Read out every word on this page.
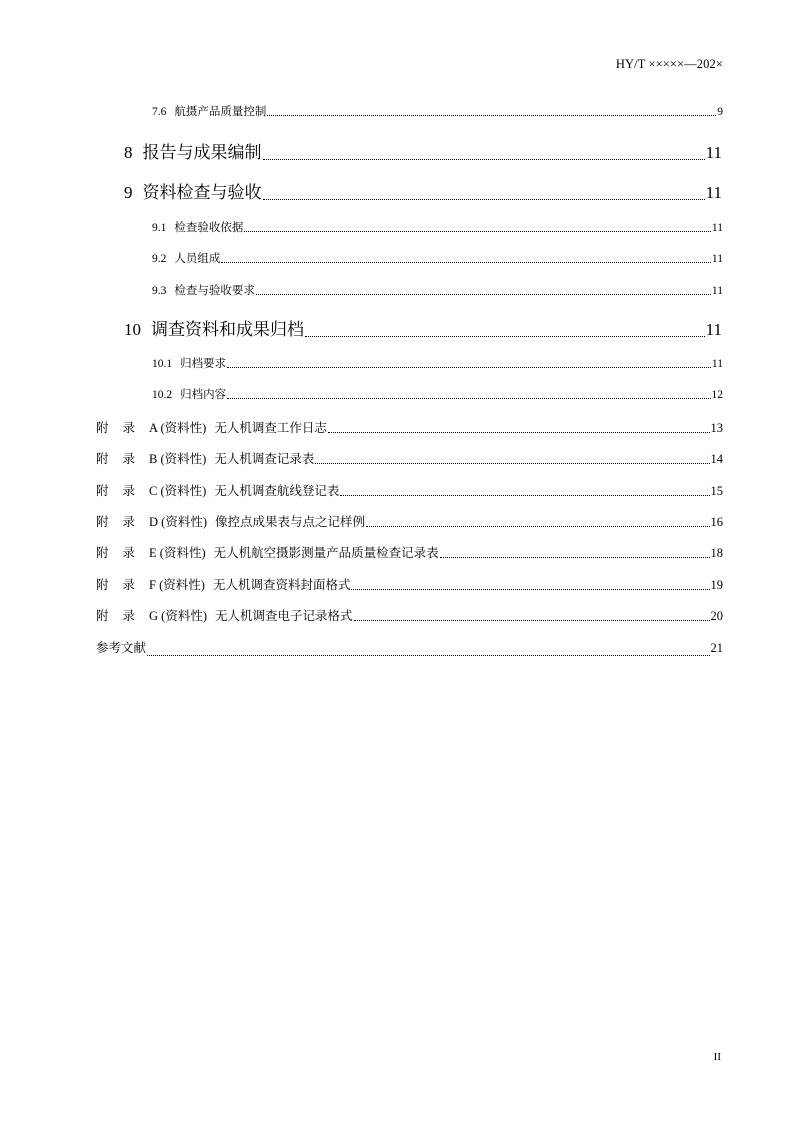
HY/T ×××××—202×
7.6 航摄产品质量控制	9
8 报告与成果编制	11
9 资料检查与验收	11
9.1 检查验收依据	11
9.2 人员组成	11
9.3 检查与验收要求	11
10 调查资料和成果归档	11
10.1 归档要求	11
10.2 归档内容	12
附 录 A (资料性) 无人机调查工作日志	13
附 录 B (资料性) 无人机调查记录表	14
附 录 C (资料性) 无人机调查航线登记表	15
附 录 D (资料性) 像控点成果表与点之记样例	16
附 录 E (资料性) 无人机航空摄影测量产品质量检查记录表	18
附 录 F (资料性) 无人机调查资料封面格式	19
附 录 G (资料性) 无人机调查电子记录格式	20
参考文献	21
II
